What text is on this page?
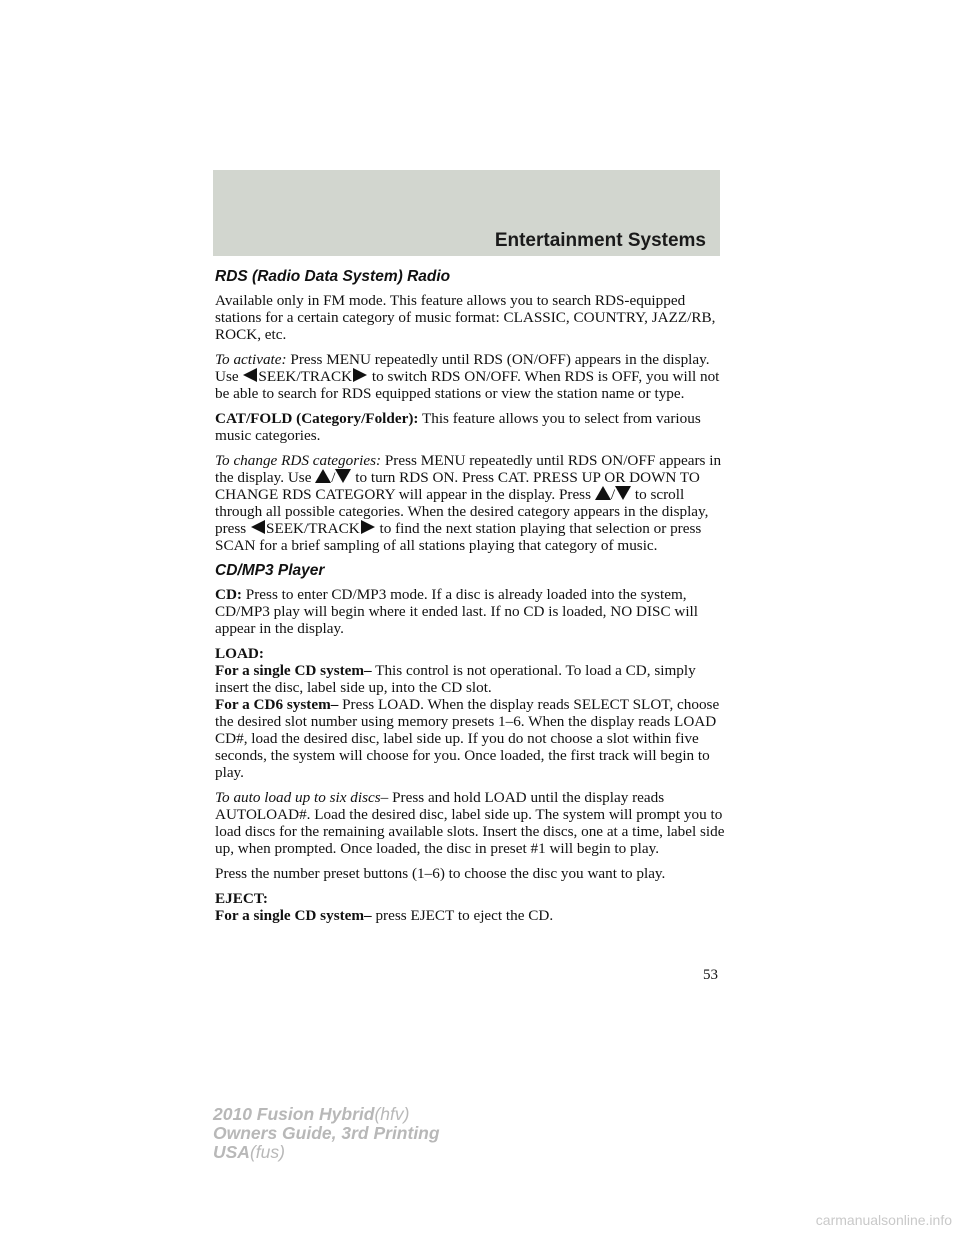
Entertainment Systems
RDS (Radio Data System) Radio

Available only in FM mode. This feature allows you to search RDS-equipped stations for a certain category of music format: CLASSIC, COUNTRY, JAZZ/RB, ROCK, etc.

To activate: Press MENU repeatedly until RDS (ON/OFF) appears in the display. Use
SEEK/TRACK
to switch RDS ON/OFF. When RDS is OFF, you will not be able to search for RDS equipped stations or view the station name or type.

CAT/FOLD (Category/Folder): This feature allows you to select from various music categories.

To change RDS categories: Press MENU repeatedly until RDS ON/OFF appears in the display. Use
/
to turn RDS ON. Press CAT. PRESS UP OR DOWN TO CHANGE RDS CATEGORY will appear in the display. Press
/
to scroll through all possible categories. When the desired category appears in the display, press
SEEK/TRACK
to find the next station playing that selection or press SCAN for a brief sampling of all stations playing that category of music.

CD/MP3 Player

CD: Press to enter CD/MP3 mode. If a disc is already loaded into the system, CD/MP3 play will begin where it ended last. If no CD is loaded, NO DISC will appear in the display.

LOAD:
For a single CD system– This control is not operational. To load a CD, simply insert the disc, label side up, into the CD slot.
For a CD6 system– Press LOAD. When the display reads SELECT SLOT, choose the desired slot number using memory presets 1–6. When the display reads LOAD CD#, load the desired disc, label side up. If you do not choose a slot within five seconds, the system will choose for you. Once loaded, the first track will begin to play.

To auto load up to six discs– Press and hold LOAD until the display reads AUTOLOAD#. Load the desired disc, label side up. The system will prompt you to load discs for the remaining available slots. Insert the discs, one at a time, label side up, when prompted. Once loaded, the disc in preset #1 will begin to play.

Press the number preset buttons (1–6) to choose the disc you want to play.

EJECT:
For a single CD system– press EJECT to eject the CD.

53
2010 Fusion Hybrid(hfv)
Owners Guide, 3rd Printing
USA(fus)
carmanualsonline.info
